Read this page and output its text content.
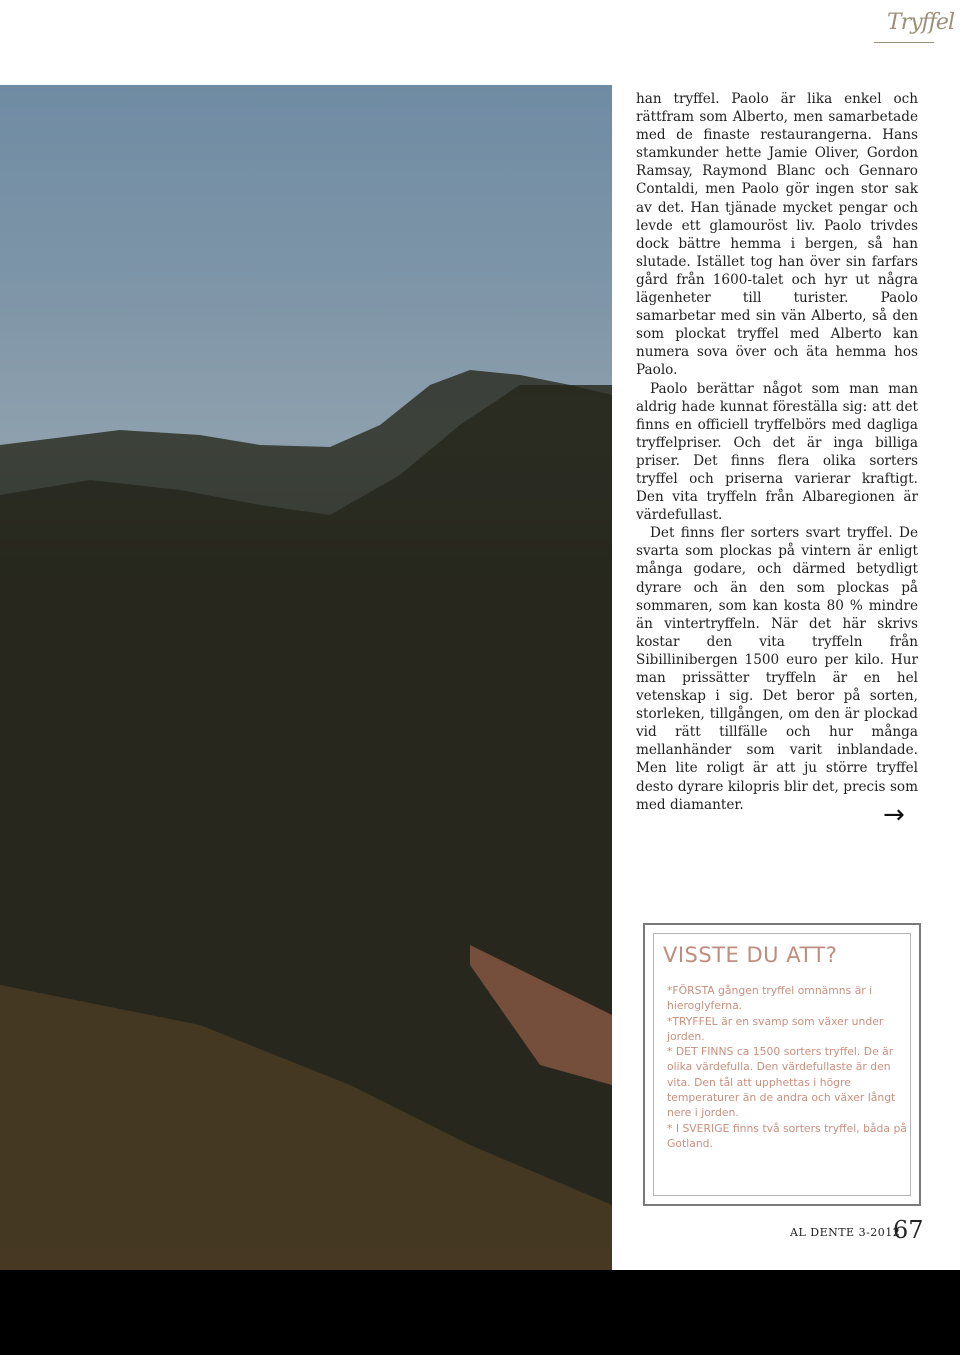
Tryffel

han tryffel. Paolo är lika enkel och rättfram som Alberto, men samarbetade med de finaste restaurangerna. Hans stamkunder hette Jamie Oliver, Gordon Ramsay, Raymond Blanc och Gennaro Contaldi, men Paolo gör ingen stor sak av det. Han tjänade mycket pengar och levde ett glamouröst liv. Paolo trivdes dock bättre hemma i bergen, så han slutade. Istället tog han över sin farfars gård från 1600-talet och hyr ut några lägenheter till turister. Paolo samarbetar med sin vän Alberto, så den som plockat tryffel med Alberto kan numera sova över och äta hemma hos Paolo.

Paolo berättar något som man man aldrig hade kunnat föreställa sig: att det finns en officiell tryffelbörs med dagliga tryffelpriser. Och det är inga billiga priser. Det finns flera olika sorters tryffel och priserna varierar kraftigt. Den vita tryffeln från Albaregionen är värdefullast.

Det finns fler sorters svart tryffel. De svarta som plockas på vintern är enligt många godare, och därmed betydligt dyrare och än den som plockas på sommaren, som kan kosta 80 % mindre än vintertryffeln. När det här skrivs kostar den vita tryffeln från Sibillinibergen 1500 euro per kilo. Hur man prissätter tryffeln är en hel vetenskap i sig. Det beror på sorten, storleken, tillgången, om den är plockad vid rätt tillfälle och hur många mellanhänder som varit inblandade. Men lite roligt är att ju större tryffel desto dyrare kilopris blir det, precis som med diamanter.	→
VISSTE DU ATT?
*FÖRSTA gången tryffel omnämns är i hieroglyferna.
*TRYFFEL är en svamp som växer under jorden.
* DET FINNS ca 1500 sorters tryffel. De är olika värdefulla. Den värdefullaste är den vita. Den tål att upphettas i högre temperaturer än de andra och växer långt nere i jorden.
* I SVERIGE finns två sorters tryffel, båda på Gotland.
AL DENTE 3-2012
67
